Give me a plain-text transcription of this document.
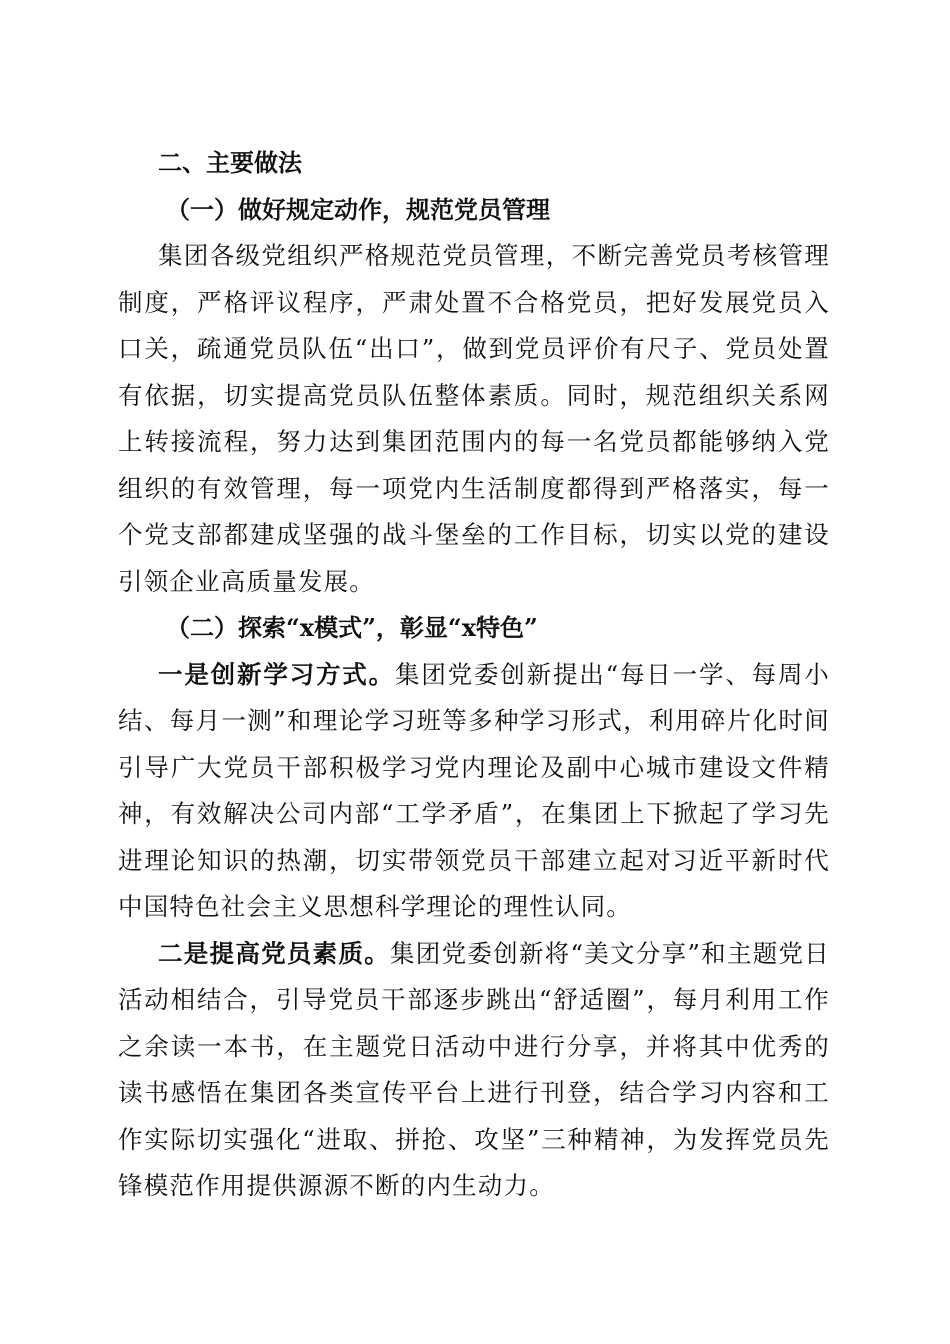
二、主要做法

（一）做好规定动作，规范党员管理

集团各级党组织严格规范党员管理，不断完善党员考核管理制度，严格评议程序，严肃处置不合格党员，把好发展党员入口关，疏通党员队伍“出口”，做到党员评价有尺子、党员处置有依据，切实提高党员队伍整体素质。同时，规范组织关系网上转接流程，努力达到集团范围内的每一名党员都能够纳入党组织的有效管理，每一项党内生活制度都得到严格落实，每一个党支部都建成坚强的战斗堡垒的工作目标，切实以党的建设引领企业高质量发展。

（二）探索“x模式”，彰显“x特色”

一是创新学习方式。集团党委创新提出“每日一学、每周小结、每月一测”和理论学习班等多种学习形式，利用碎片化时间引导广大党员干部积极学习党内理论及副中心城市建设文件精神，有效解决公司内部“工学矛盾”，在集团上下掀起了学习先进理论知识的热潮，切实带领党员干部建立起对习近平新时代中国特色社会主义思想科学理论的理性认同。

二是提高党员素质。集团党委创新将“美文分享”和主题党日活动相结合，引导党员干部逐步跳出“舒适圈”，每月利用工作之余读一本书，在主题党日活动中进行分享，并将其中优秀的读书感悟在集团各类宣传平台上进行刊登，结合学习内容和工作实际切实强化“进取、拼抢、攻坚”三种精神，为发挥党员先锋模范作用提供源源不断的内生动力。
